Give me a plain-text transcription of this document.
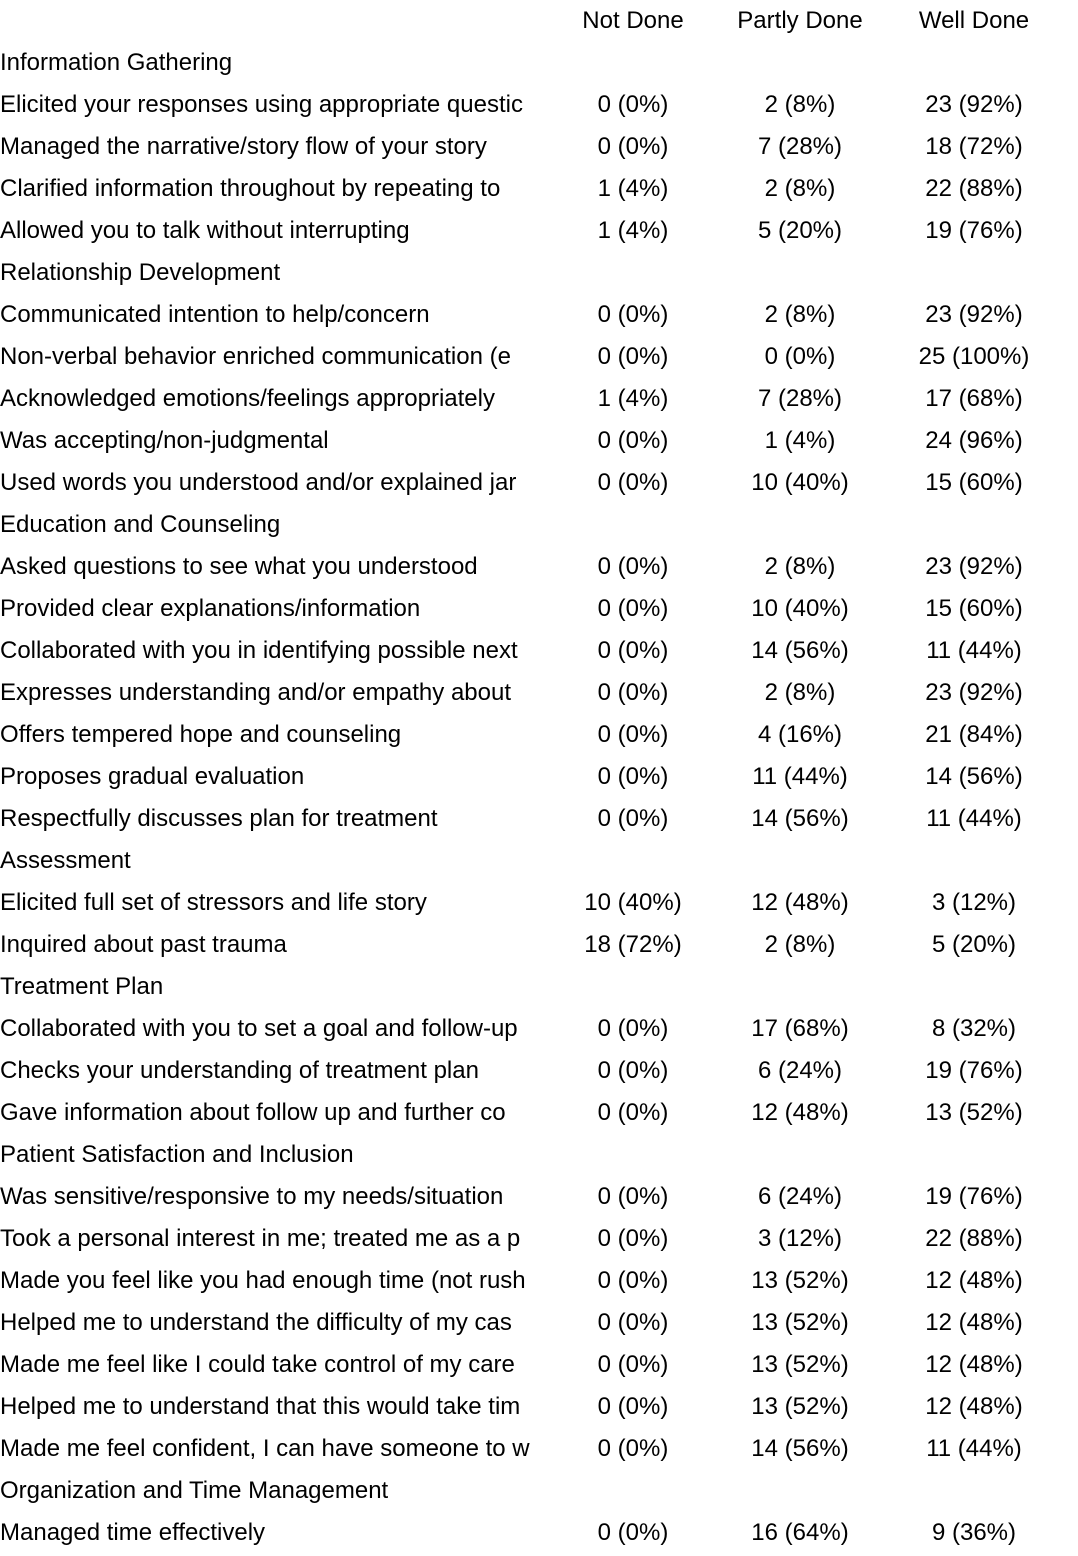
	Not Done	Partly Done	Well Done
Information Gathering			
Elicited your responses using appropriate questic	0 (0%)	2 (8%)	23 (92%)
Managed the narrative/story flow of your story	0 (0%)	7 (28%)	18 (72%)
Clarified information throughout by repeating to	1 (4%)	2 (8%)	22 (88%)
Allowed you to talk without interrupting	1 (4%)	5 (20%)	19 (76%)
Relationship Development			
Communicated intention to help/concern	0 (0%)	2 (8%)	23 (92%)
Non-verbal behavior enriched communication (e	0 (0%)	0 (0%)	25 (100%)
Acknowledged emotions/feelings appropriately	1 (4%)	7 (28%)	17 (68%)
Was accepting/non-judgmental	0 (0%)	1 (4%)	24 (96%)
Used words you understood and/or explained jar	0 (0%)	10 (40%)	15 (60%)
Education and Counseling			
Asked questions to see what you understood	0 (0%)	2 (8%)	23 (92%)
Provided clear explanations/information	0 (0%)	10 (40%)	15 (60%)
Collaborated with you in identifying possible next	0 (0%)	14 (56%)	11 (44%)
Expresses understanding and/or empathy about	0 (0%)	2 (8%)	23 (92%)
Offers tempered hope and counseling	0 (0%)	4 (16%)	21 (84%)
Proposes gradual evaluation	0 (0%)	11 (44%)	14 (56%)
Respectfully discusses plan for treatment	0 (0%)	14 (56%)	11 (44%)
Assessment			
Elicited full set of stressors and life story	10 (40%)	12 (48%)	3 (12%)
Inquired about past trauma	18 (72%)	2 (8%)	5 (20%)
Treatment Plan			
Collaborated with you to set a goal and follow-up	0 (0%)	17 (68%)	8 (32%)
Checks your understanding of treatment plan	0 (0%)	6 (24%)	19 (76%)
Gave information about follow up and further co	0 (0%)	12 (48%)	13 (52%)
Patient Satisfaction and Inclusion			
Was sensitive/responsive to my needs/situation	0 (0%)	6 (24%)	19 (76%)
Took a personal interest in me; treated me as a p	0 (0%)	3 (12%)	22 (88%)
Made you feel like you had enough time (not rush	0 (0%)	13 (52%)	12 (48%)
Helped me to understand the difficulty of my cas	0 (0%)	13 (52%)	12 (48%)
Made me feel like I could take control of my care	0 (0%)	13 (52%)	12 (48%)
Helped me to understand that this would take tim	0 (0%)	13 (52%)	12 (48%)
Made me feel confident, I can have someone to w	0 (0%)	14 (56%)	11 (44%)
Organization and Time Management			
Managed time effectively	0 (0%)	16 (64%)	9 (36%)
